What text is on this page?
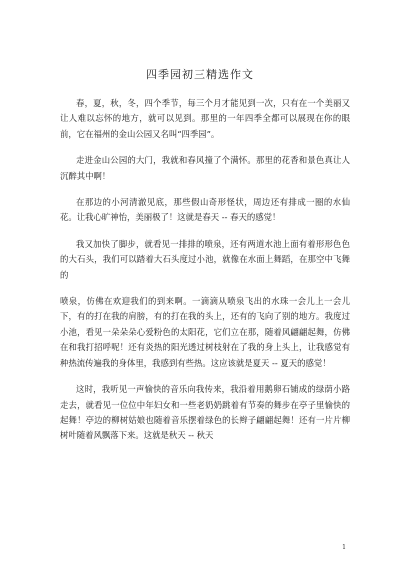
四季园初三精选作文

春，夏，秋，冬，四个季节，每三个月才能见到一次，只有在一个美丽又让人难以忘怀的地方，就可以见到。那里的一年四季全都可以展现在你的眼前，它在福州的金山公园又名叫“四季园”。

走进金山公园的大门，我就和春风撞了个满怀。那里的花香和景色真让人沉醉其中啊！

在那边的小河清澈见底，那些假山奇形怪状，周边还有排成一圈的水仙花。让我心旷神怡，美丽极了！这就是春天 -- 春天的感觉！

我又加快了脚步，就看见一排排的喷泉，还有两道水池上面有着形形色色的大石头，我们可以踏着大石头度过小池，就像在水面上舞蹈，在那空中飞舞的

喷泉，仿佛在欢迎我们的到来啊。一滴滴从喷泉飞出的水珠一会儿上一会儿下，有的打在我的肩膀，有的打在我的头上，还有的飞向了别的地方。我度过小池，看见一朵朵朵心爱粉色的太阳花，它们立在那，随着风翩翩起舞，仿佛在和我打招呼呢！还有炎热的阳光透过树枝射在了我的身上头上，让我感觉有种热流传遍我的身体里，我感到有些热。这应该就是夏天 -- 夏天的感觉！

这时，我听见一声愉快的音乐向我传来，我沿着用鹅卵石铺成的绿荫小路走去，就看见一位位中年妇女和一些老奶奶跳着有节奏的舞步在亭子里愉快的起舞！亭边的柳树姑娘也随着音乐摆着绿色的长辫子翩翩起舞！还有一片片柳树叶随着风飘落下来。这就是秋天 -- 秋天

1
